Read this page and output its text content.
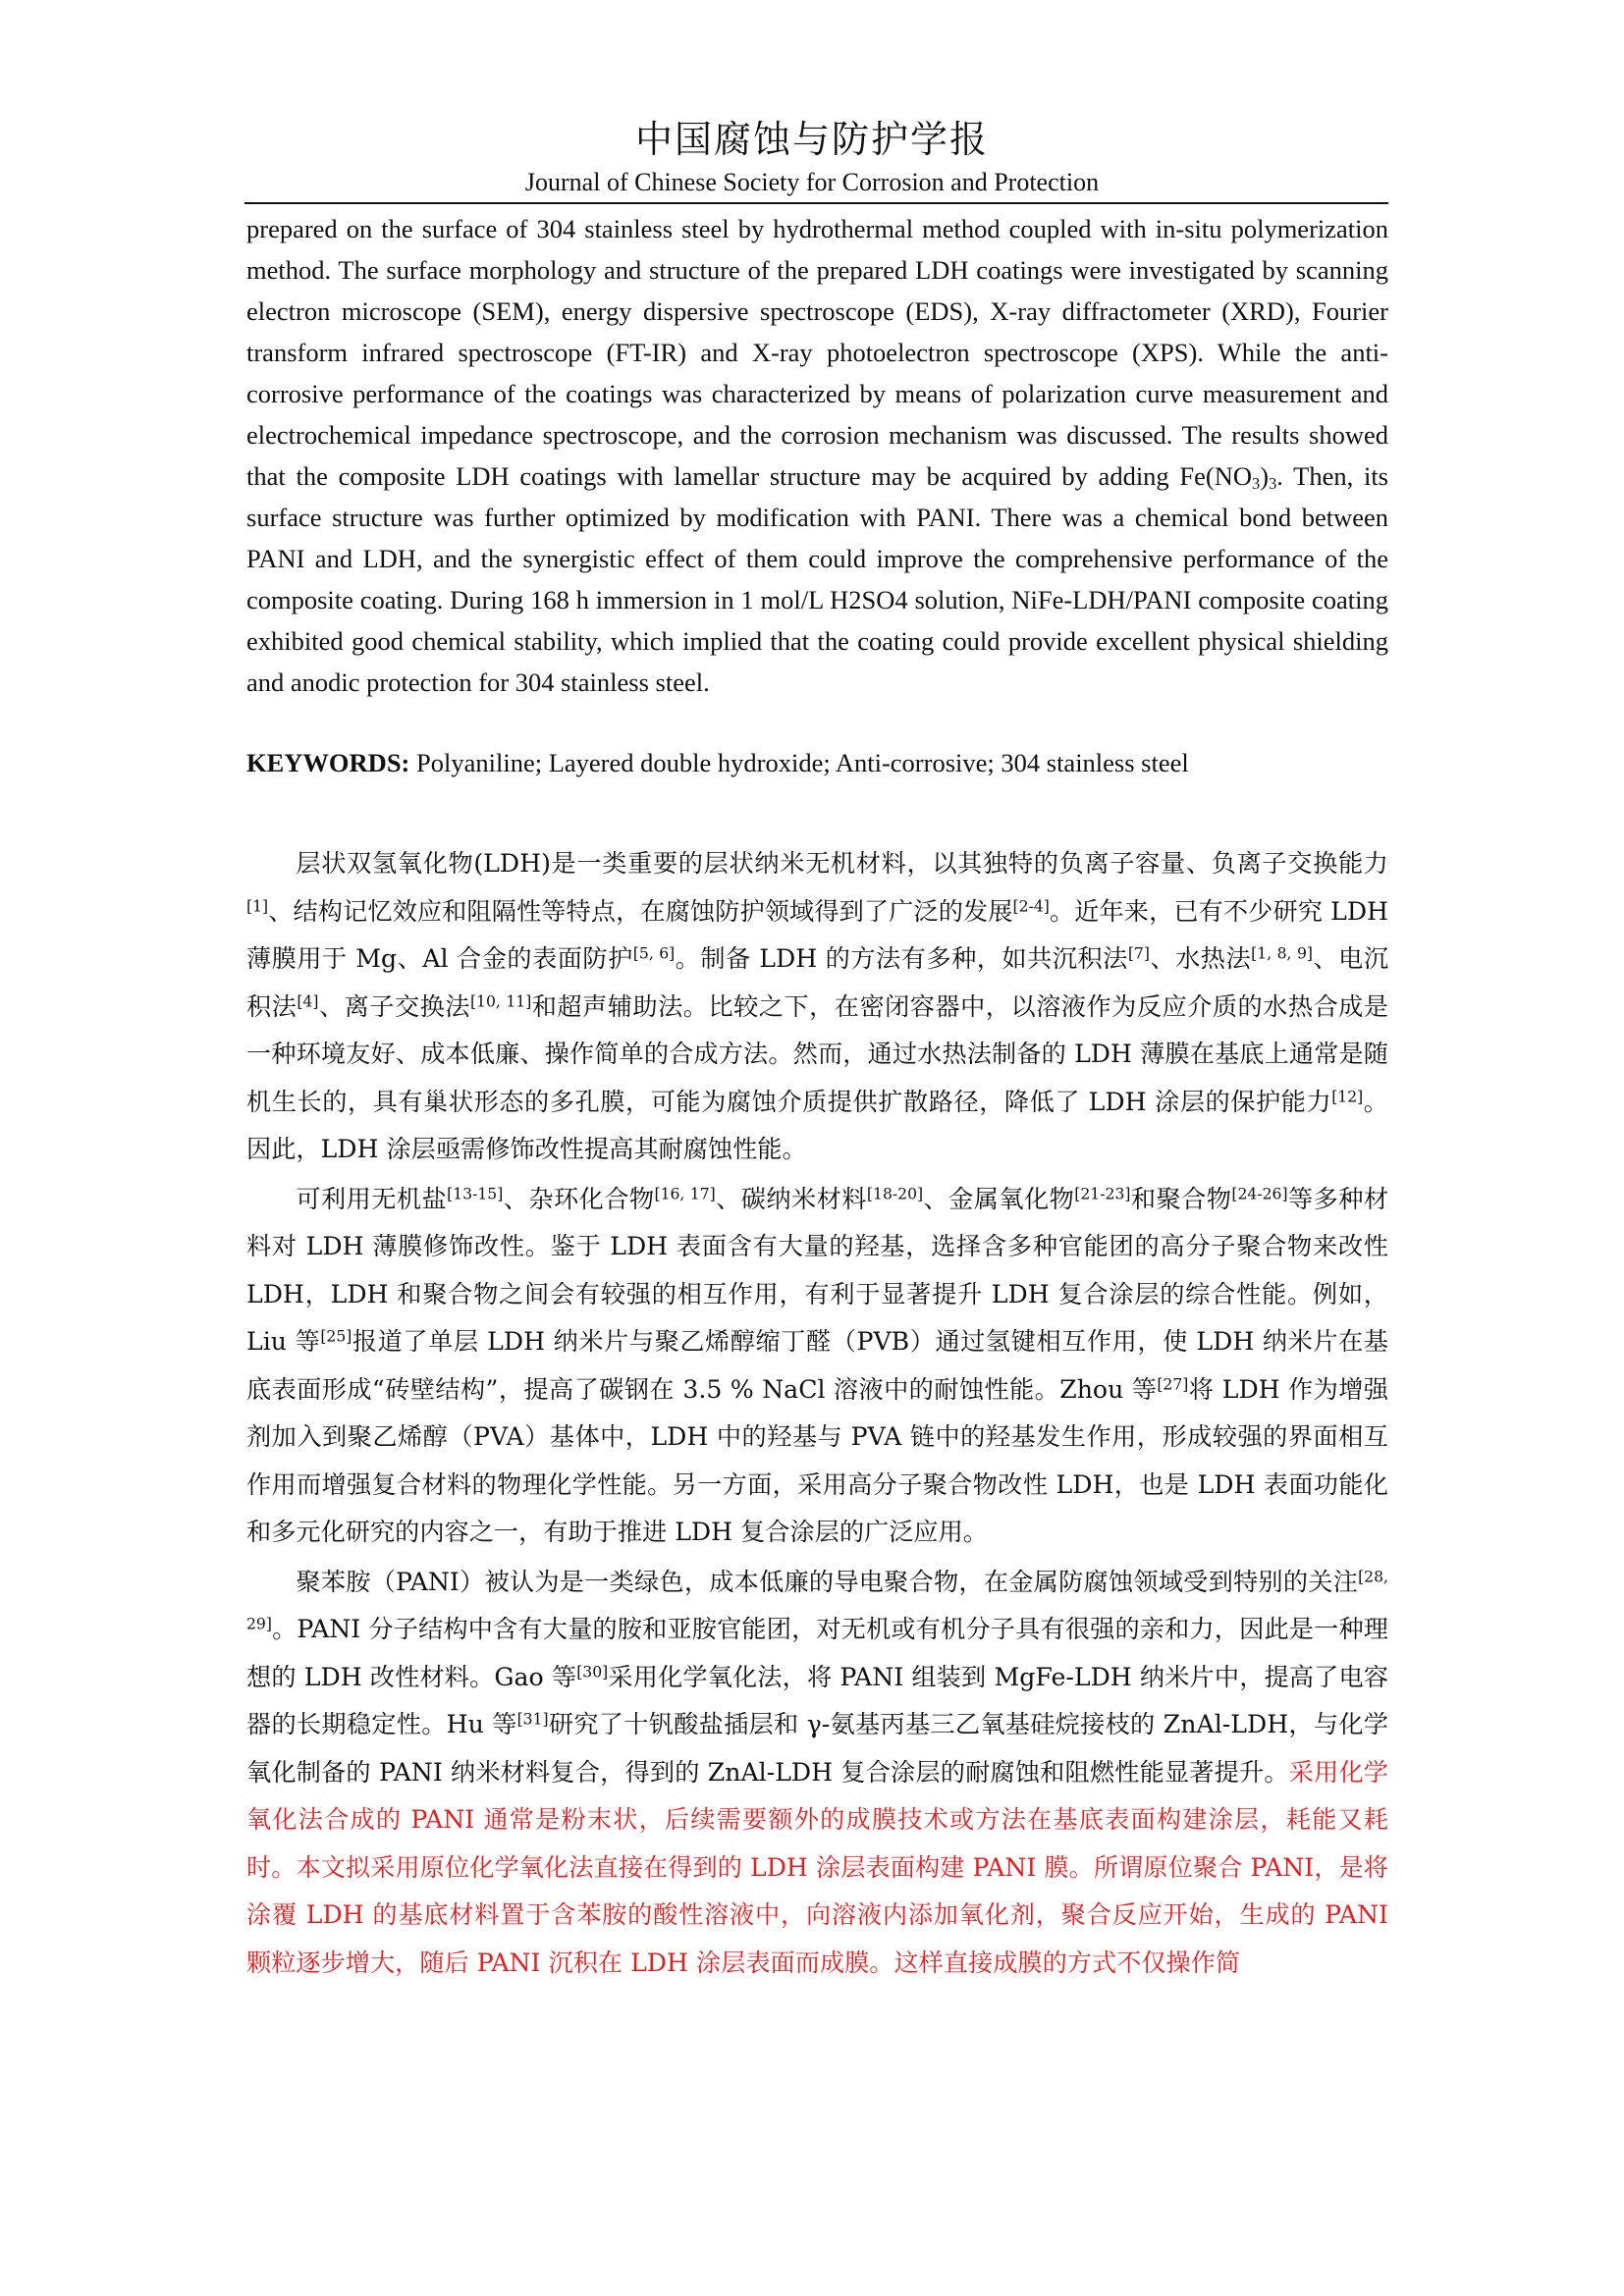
中国腐蚀与防护学报
Journal of Chinese Society for Corrosion and Protection

prepared on the surface of 304 stainless steel by hydrothermal method coupled with in-situ polymerization method. The surface morphology and structure of the prepared LDH coatings were investigated by scanning electron microscope (SEM), energy dispersive spectroscope (EDS), X-ray diffractometer (XRD), Fourier transform infrared spectroscope (FT-IR) and X-ray photoelectron spectroscope (XPS). While the anti-corrosive performance of the coatings was characterized by means of polarization curve measurement and electrochemical impedance spectroscope, and the corrosion mechanism was discussed. The results showed that the composite LDH coatings with lamellar structure may be acquired by adding $Fe(NO_3)_3$. Then, its surface structure was further optimized by modification with PANI. There was a chemical bond between PANI and LDH, and the synergistic effect of them could improve the comprehensive performance of the composite coating. During 168 h immersion in 1 mol/L H2SO4 solution, NiFe-LDH/PANI composite coating exhibited good chemical stability, which implied that the coating could provide excellent physical shielding and anodic protection for 304 stainless steel.

KEYWORDS: Polyaniline; Layered double hydroxide; Anti-corrosive; 304 stainless steel

层状双氢氧化物(LDH)是一类重要的层状纳米无机材料，以其独特的负离子容量、负离子交换能力[1]、结构记忆效应和阻隔性等特点，在腐蚀防护领域得到了广泛的发展[2-4]。近年来，已有不少研究 LDH 薄膜用于 Mg、Al 合金的表面防护[5, 6]。制备 LDH 的方法有多种，如共沉积法[7]、水热法[1, 8, 9]、电沉积法[4]、离子交换法[10, 11]和超声辅助法。比较之下，在密闭容器中，以溶液作为反应介质的水热合成是一种环境友好、成本低廉、操作简单的合成方法。然而，通过水热法制备的 LDH 薄膜在基底上通常是随机生长的，具有巢状形态的多孔膜，可能为腐蚀介质提供扩散路径，降低了 LDH 涂层的保护能力[12]。因此，LDH 涂层亟需修饰改性提高其耐腐蚀性能。

可利用无机盐[13-15]、杂环化合物[16, 17]、碳纳米材料[18-20]、金属氧化物[21-23]和聚合物[24-26]等多种材料对 LDH 薄膜修饰改性。鉴于 LDH 表面含有大量的羟基，选择含多种官能团的高分子聚合物来改性 LDH，LDH 和聚合物之间会有较强的相互作用，有利于显著提升 LDH 复合涂层的综合性能。例如，Liu 等[25]报道了单层 LDH 纳米片与聚乙烯醇缩丁醛（PVB）通过氢键相互作用，使 LDH 纳米片在基底表面形成“砖壁结构”，提高了碳钢在 3.5 % NaCl 溶液中的耐蚀性能。Zhou 等[27]将 LDH 作为增强剂加入到聚乙烯醇（PVA）基体中，LDH 中的羟基与 PVA 链中的羟基发生作用，形成较强的界面相互作用而增强复合材料的物理化学性能。另一方面，采用高分子聚合物改性 LDH，也是 LDH 表面功能化和多元化研究的内容之一，有助于推进 LDH 复合涂层的广泛应用。

聚苯胺（PANI）被认为是一类绿色，成本低廉的导电聚合物，在金属防腐蚀领域受到特别的关注[28, 29]。PANI 分子结构中含有大量的胺和亚胺官能团，对无机或有机分子具有很强的亲和力，因此是一种理想的 LDH 改性材料。Gao 等[30]采用化学氧化法，将 PANI 组装到 MgFe-LDH 纳米片中，提高了电容器的长期稳定性。Hu 等[31]研究了十钒酸盐插层和 γ-氨基丙基三乙氧基硅烷接枝的 ZnAl-LDH，与化学氧化制备的 PANI 纳米材料复合，得到的 ZnAl-LDH 复合涂层的耐腐蚀和阻燃性能显著提升。采用化学氧化法合成的 PANI 通常是粉末状，后续需要额外的成膜技术或方法在基底表面构建涂层，耗能又耗时。本文拟采用原位化学氧化法直接在得到的 LDH 涂层表面构建 PANI 膜。所谓原位聚合 PANI，是将涂覆 LDH 的基底材料置于含苯胺的酸性溶液中，向溶液内添加氧化剂，聚合反应开始，生成的 PANI 颗粒逐步增大，随后 PANI 沉积在 LDH 涂层表面而成膜。这样直接成膜的方式不仅操作简
